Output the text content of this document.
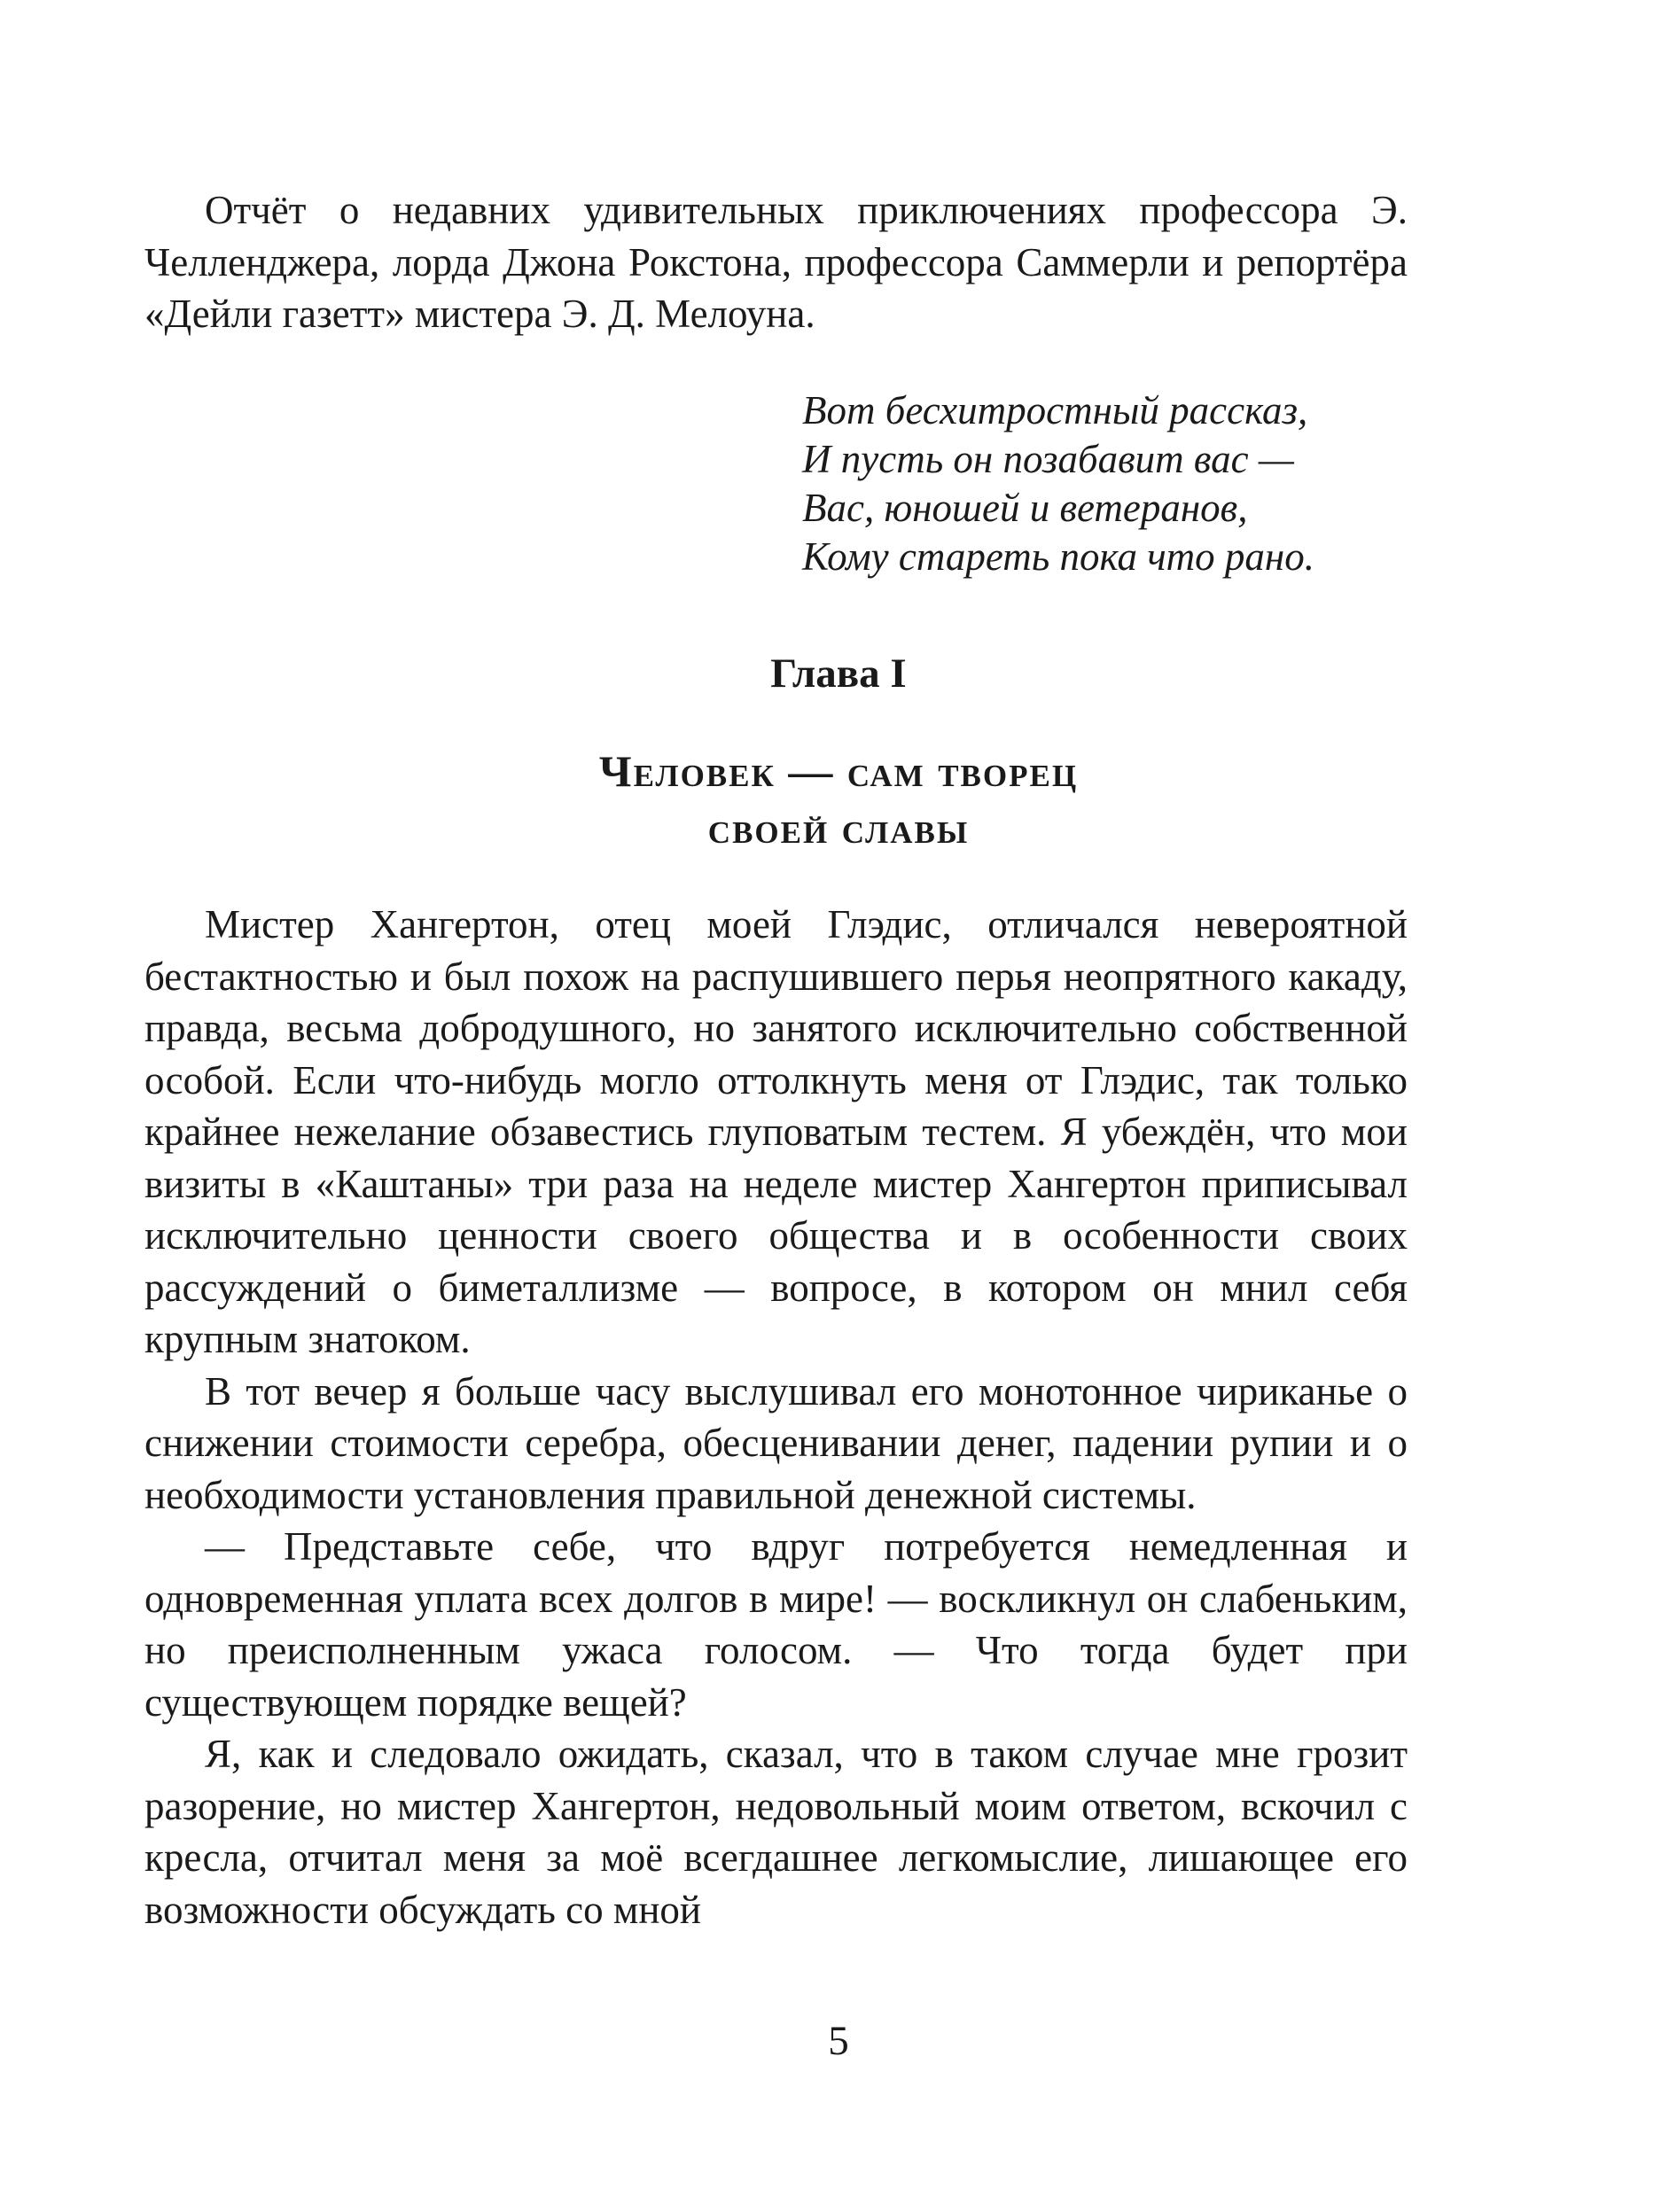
Отчёт о недавних удивительных приключениях профессора Э. Челленджера, лорда Джона Рокстона, профессора Саммерли и репортёра «Дейли газетт» мистера Э. Д. Мелоуна.

Вот бесхитростный рассказ,
И пусть он позабавит вас —
Вас, юношей и ветеранов,
Кому стареть пока что рано.
Глава I
Человек — сам творец
своей славы

Мистер Хангертон, отец моей Глэдис, отличался невероятной бестактностью и был похож на распушившего перья неопрятного какаду, правда, весьма добродушного, но занятого исключительно собственной особой. Если что-нибудь могло оттолкнуть меня от Глэдис, так только крайнее нежелание обзавестись глуповатым тестем. Я убеждён, что мои визиты в «Каштаны» три раза на неделе мистер Хангертон приписывал исключительно ценности своего общества и в особенности своих рассуждений о биметаллизме — вопросе, в котором он мнил себя крупным знатоком.

В тот вечер я больше часу выслушивал его монотонное чириканье о снижении стоимости серебра, обесценивании денег, падении рупии и о необходимости установления правильной денежной системы.

— Представьте себе, что вдруг потребуется немедленная и одновременная уплата всех долгов в мире! — воскликнул он слабеньким, но преисполненным ужаса голосом. — Что тогда будет при существующем порядке вещей?

Я, как и следовало ожидать, сказал, что в таком случае мне грозит разорение, но мистер Хангертон, недовольный моим ответом, вскочил с кресла, отчитал меня за моё всегдашнее легкомыслие, лишающее его возможности обсуждать со мной

5
